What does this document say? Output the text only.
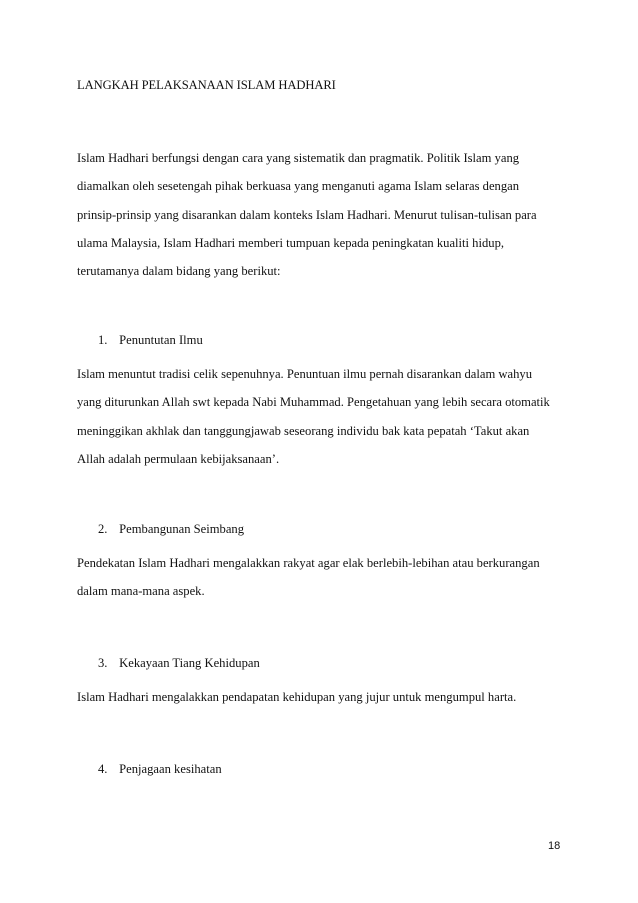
LANGKAH PELAKSANAAN ISLAM HADHARI

Islam Hadhari berfungsi dengan cara yang sistematik dan pragmatik. Politik Islam yang
diamalkan oleh sesetengah pihak berkuasa yang menganuti agama Islam selaras dengan
prinsip-prinsip yang disarankan dalam konteks Islam Hadhari. Menurut tulisan-tulisan para
ulama Malaysia, Islam Hadhari memberi tumpuan kepada peningkatan kualiti hidup,
terutamanya dalam bidang yang berikut:

1. Penuntutan Ilmu

Islam menuntut tradisi celik sepenuhnya. Penuntuan ilmu pernah disarankan dalam wahyu
yang diturunkan Allah swt kepada Nabi Muhammad. Pengetahuan yang lebih secara otomatik
meninggikan akhlak dan tanggungjawab seseorang individu bak kata pepatah ‘Takut akan
Allah adalah permulaan kebijaksanaan’.

2. Pembangunan Seimbang

Pendekatan Islam Hadhari mengalakkan rakyat agar elak berlebih-lebihan atau berkurangan
dalam mana-mana aspek.

3. Kekayaan Tiang Kehidupan

Islam Hadhari mengalakkan pendapatan kehidupan yang jujur untuk mengumpul harta.

4. Penjagaan kesihatan
18
